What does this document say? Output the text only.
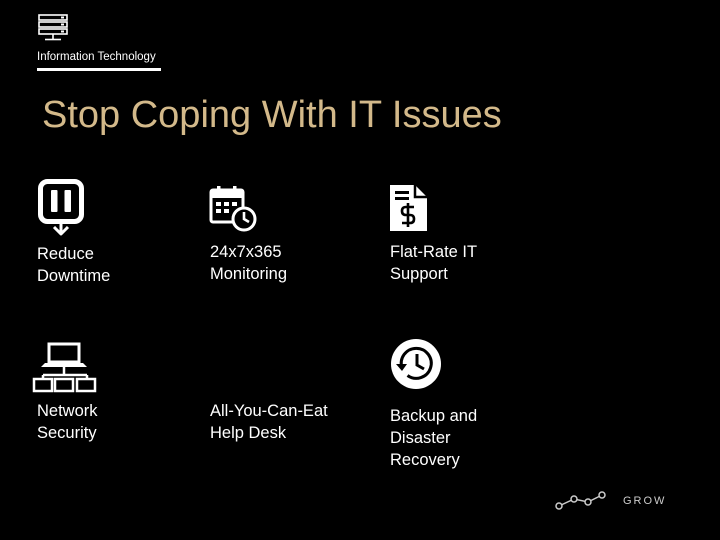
Information Technology
Stop Coping With IT Issues
Reduce
Downtime
24x7x365
Monitoring
Flat-Rate IT
Support
Network
Security
All-You-Can-Eat
Help Desk
Backup and
Disaster
Recovery
GROW
